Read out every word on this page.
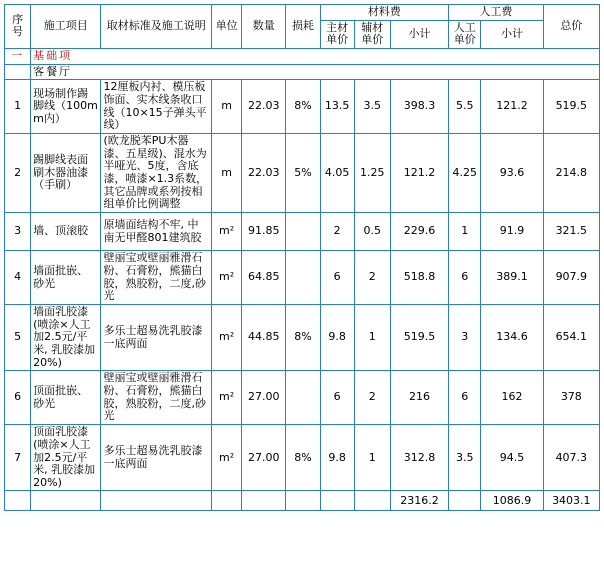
序号	施工项目	取材标准及施工说明	单位	数量	损耗	材料费			人工费		总价
						主材单价	辅材单价	小计	人工单价	小计	
一	基础项										
	客餐厅										
1	现场制作踢脚线（100mm内）	12厘板内衬、模压板饰面、实木线条收口线（10×15子弹头平线）	m	22.03	8%	13.5	3.5	398.3	5.5	121.2	519.5
2	踢脚线表面刷木器油漆（手刷）	(欧龙脱苯PU木器漆、五星级)、混水为半哑光、5度，含底漆，喷漆×1.3系数，其它品牌或系列按相组单价比例调整	m	22.03	5%	4.05	1.25	121.2	4.25	93.6	214.8
3	墙、顶滚胶	原墙面结构不牢, 中南无甲醛801建筑胶	m²	91.85		2	0.5	229.6	1	91.9	321.5
4	墙面批嵌、砂光	壁丽宝或壁丽雅滑石粉、石膏粉，熊猫白胶，熟胶粉，二度,砂光	m²	64.85		6	2	518.8	6	389.1	907.9
5	墙面乳胶漆(喷涂×人工加2.5元/平米, 乳胶漆加20%)	多乐士超易洗乳胶漆一底两面	m²	44.85	8%	9.8	1	519.5	3	134.6	654.1
6	顶面批嵌、砂光	壁丽宝或壁丽雅滑石粉、石膏粉，熊猫白胶，熟胶粉，二度,砂光	m²	27.00		6	2	216	6	162	378
7	顶面乳胶漆(喷涂×人工加2.5元/平米, 乳胶漆加20%)	多乐士超易洗乳胶漆一底两面	m²	27.00	8%	9.8	1	312.8	3.5	94.5	407.3
								2316.2		1086.9	3403.1
